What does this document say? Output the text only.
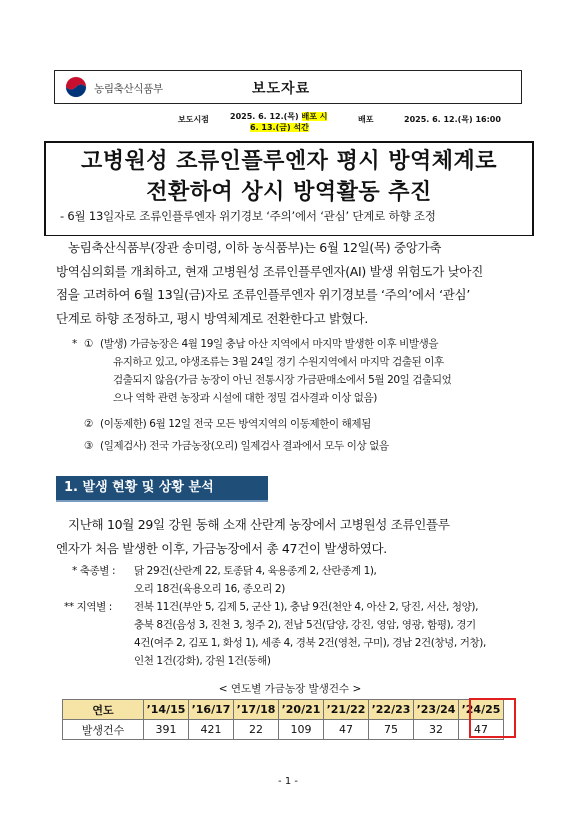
농림축산식품부	보도자료
보도시점	2025. 6. 12.(목) 배포 시
6. 13.(금) 석간
배포	2025. 6. 12.(목) 16:00
고병원성 조류인플루엔자 평시 방역체계로
전환하여 상시 방역활동 추진
- 6월 13일자로 조류인플루엔자 위기경보 ‘주의’에서 ‘관심’ 단계로 하향 조정
농림축산식품부(장관 송미령, 이하 농식품부)는 6월 12일(목) 중앙가축
방역심의회를 개최하고, 현재 고병원성 조류인플루엔자(AI) 발생 위험도가 낮아진
점을 고려하여 6월 13일(금)자로 조류인플루엔자 위기경보를 ‘주의’에서 ‘관심’
단계로 하향 조정하고, 평시 방역체계로 전환한다고 밝혔다.
* ① (발생) 가금농장은 4월 19일 충남 아산 지역에서 마지막 발생한 이후 비발생을
유지하고 있고, 야생조류는 3월 24일 경기 수원지역에서 마지막 검출된 이후
검출되지 않음(가금 농장이 아닌 전통시장 가금판매소에서 5월 20일 검출되었
으나 역학 관련 농장과 시설에 대한 정밀 검사결과 이상 없음)
② (이동제한) 6월 12일 전국 모든 방역지역의 이동제한이 해제됨
③ (일제검사) 전국 가금농장(오리) 일제검사 결과에서 모두 이상 없음
1. 발생 현황 및 상황 분석
지난해 10월 29일 강원 동해 소재 산란계 농장에서 고병원성 조류인플루
엔자가 처음 발생한 이후, 가금농장에서 총 47건이 발생하였다.
* 축종별 : 닭 29건(산란계 22, 토종닭 4, 육용종계 2, 산란종계 1),
오리 18건(육용오리 16, 종오리 2)
** 지역별 : 전북 11건(부안 5, 김제 5, 군산 1), 충남 9건(천안 4, 아산 2, 당진, 서산, 청양),
충북 8건(음성 3, 진천 3, 청주 2), 전남 5건(담양, 강진, 영암, 영광, 함평), 경기
4건(여주 2, 김포 1, 화성 1), 세종 4, 경북 2건(영천, 구미), 경남 2건(창녕, 거창),
인천 1건(강화), 강원 1건(동해)
< 연도별 가금농장 발생건수 >
연도	’14/15	’16/17	’17/18	’20/21	’21/22	’22/23	’23/24	’24/25
발생건수	391	421	22	109	47	75	32	47
- 1 -
